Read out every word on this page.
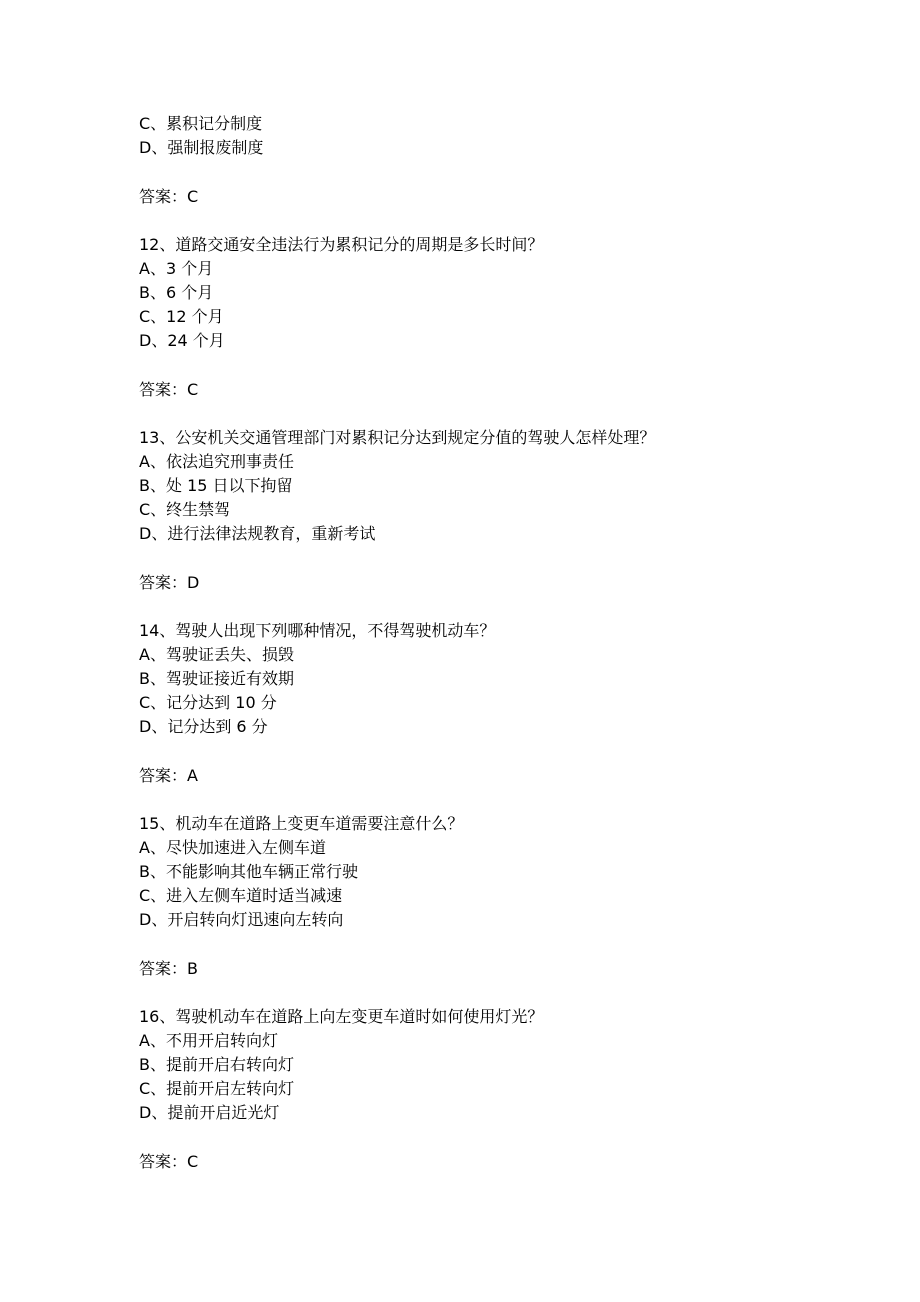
C、累积记分制度
D、强制报废制度
答案：C
12、道路交通安全违法行为累积记分的周期是多长时间？
A、3 个月
B、6 个月
C、12 个月
D、24 个月
答案：C
13、公安机关交通管理部门对累积记分达到规定分值的驾驶人怎样处理？
A、依法追究刑事责任
B、处 15 日以下拘留
C、终生禁驾
D、进行法律法规教育，重新考试
答案：D
14、驾驶人出现下列哪种情况，不得驾驶机动车？
A、驾驶证丢失、损毁
B、驾驶证接近有效期
C、记分达到 10 分
D、记分达到 6 分
答案：A
15、机动车在道路上变更车道需要注意什么？
A、尽快加速进入左侧车道
B、不能影响其他车辆正常行驶
C、进入左侧车道时适当减速
D、开启转向灯迅速向左转向
答案：B
16、驾驶机动车在道路上向左变更车道时如何使用灯光？
A、不用开启转向灯
B、提前开启右转向灯
C、提前开启左转向灯
D、提前开启近光灯
答案：C
